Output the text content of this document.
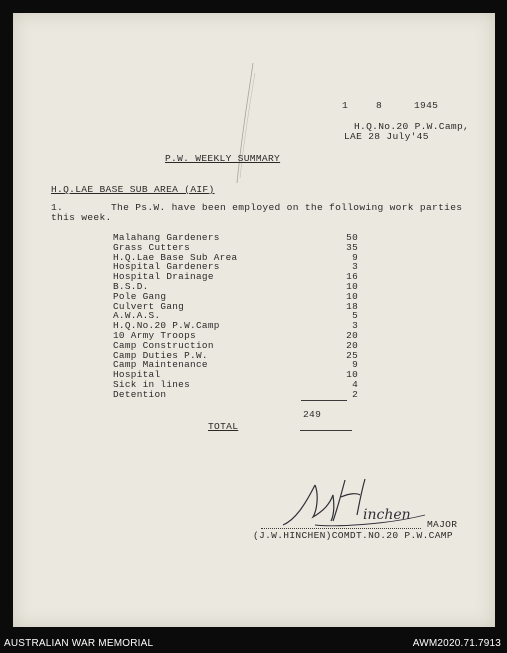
1	8	1945
H.Q.No.20 P.W.Camp,
LAE 28 July'45
P.W. WEEKLY SUMMARY
H.Q.LAE BASE SUB AREA (AIF)
1.	The Ps.W. have been employed on the following work parties
this week.
Malahang Gardeners	50
Grass Cutters	35
H.Q.Lae Base Sub Area	9
Hospital Gardeners	3
Hospital Drainage	16
B.S.D.	10
Pole Gang	10
Culvert Gang	18
A.W.A.S.	5
H.Q.No.20 P.W.Camp	3
10 Army Troops	20
Camp Construction	20
Camp Duties P.W.	25
Camp Maintenance	9
Hospital	10
Sick in lines	4
Detention	2
249
TOTAL
inchen
MAJOR
(J.W.HINCHEN)COMDT.NO.20 P.W.CAMP
AUSTRALIAN WAR MEMORIAL	AWM2020.71.7913
